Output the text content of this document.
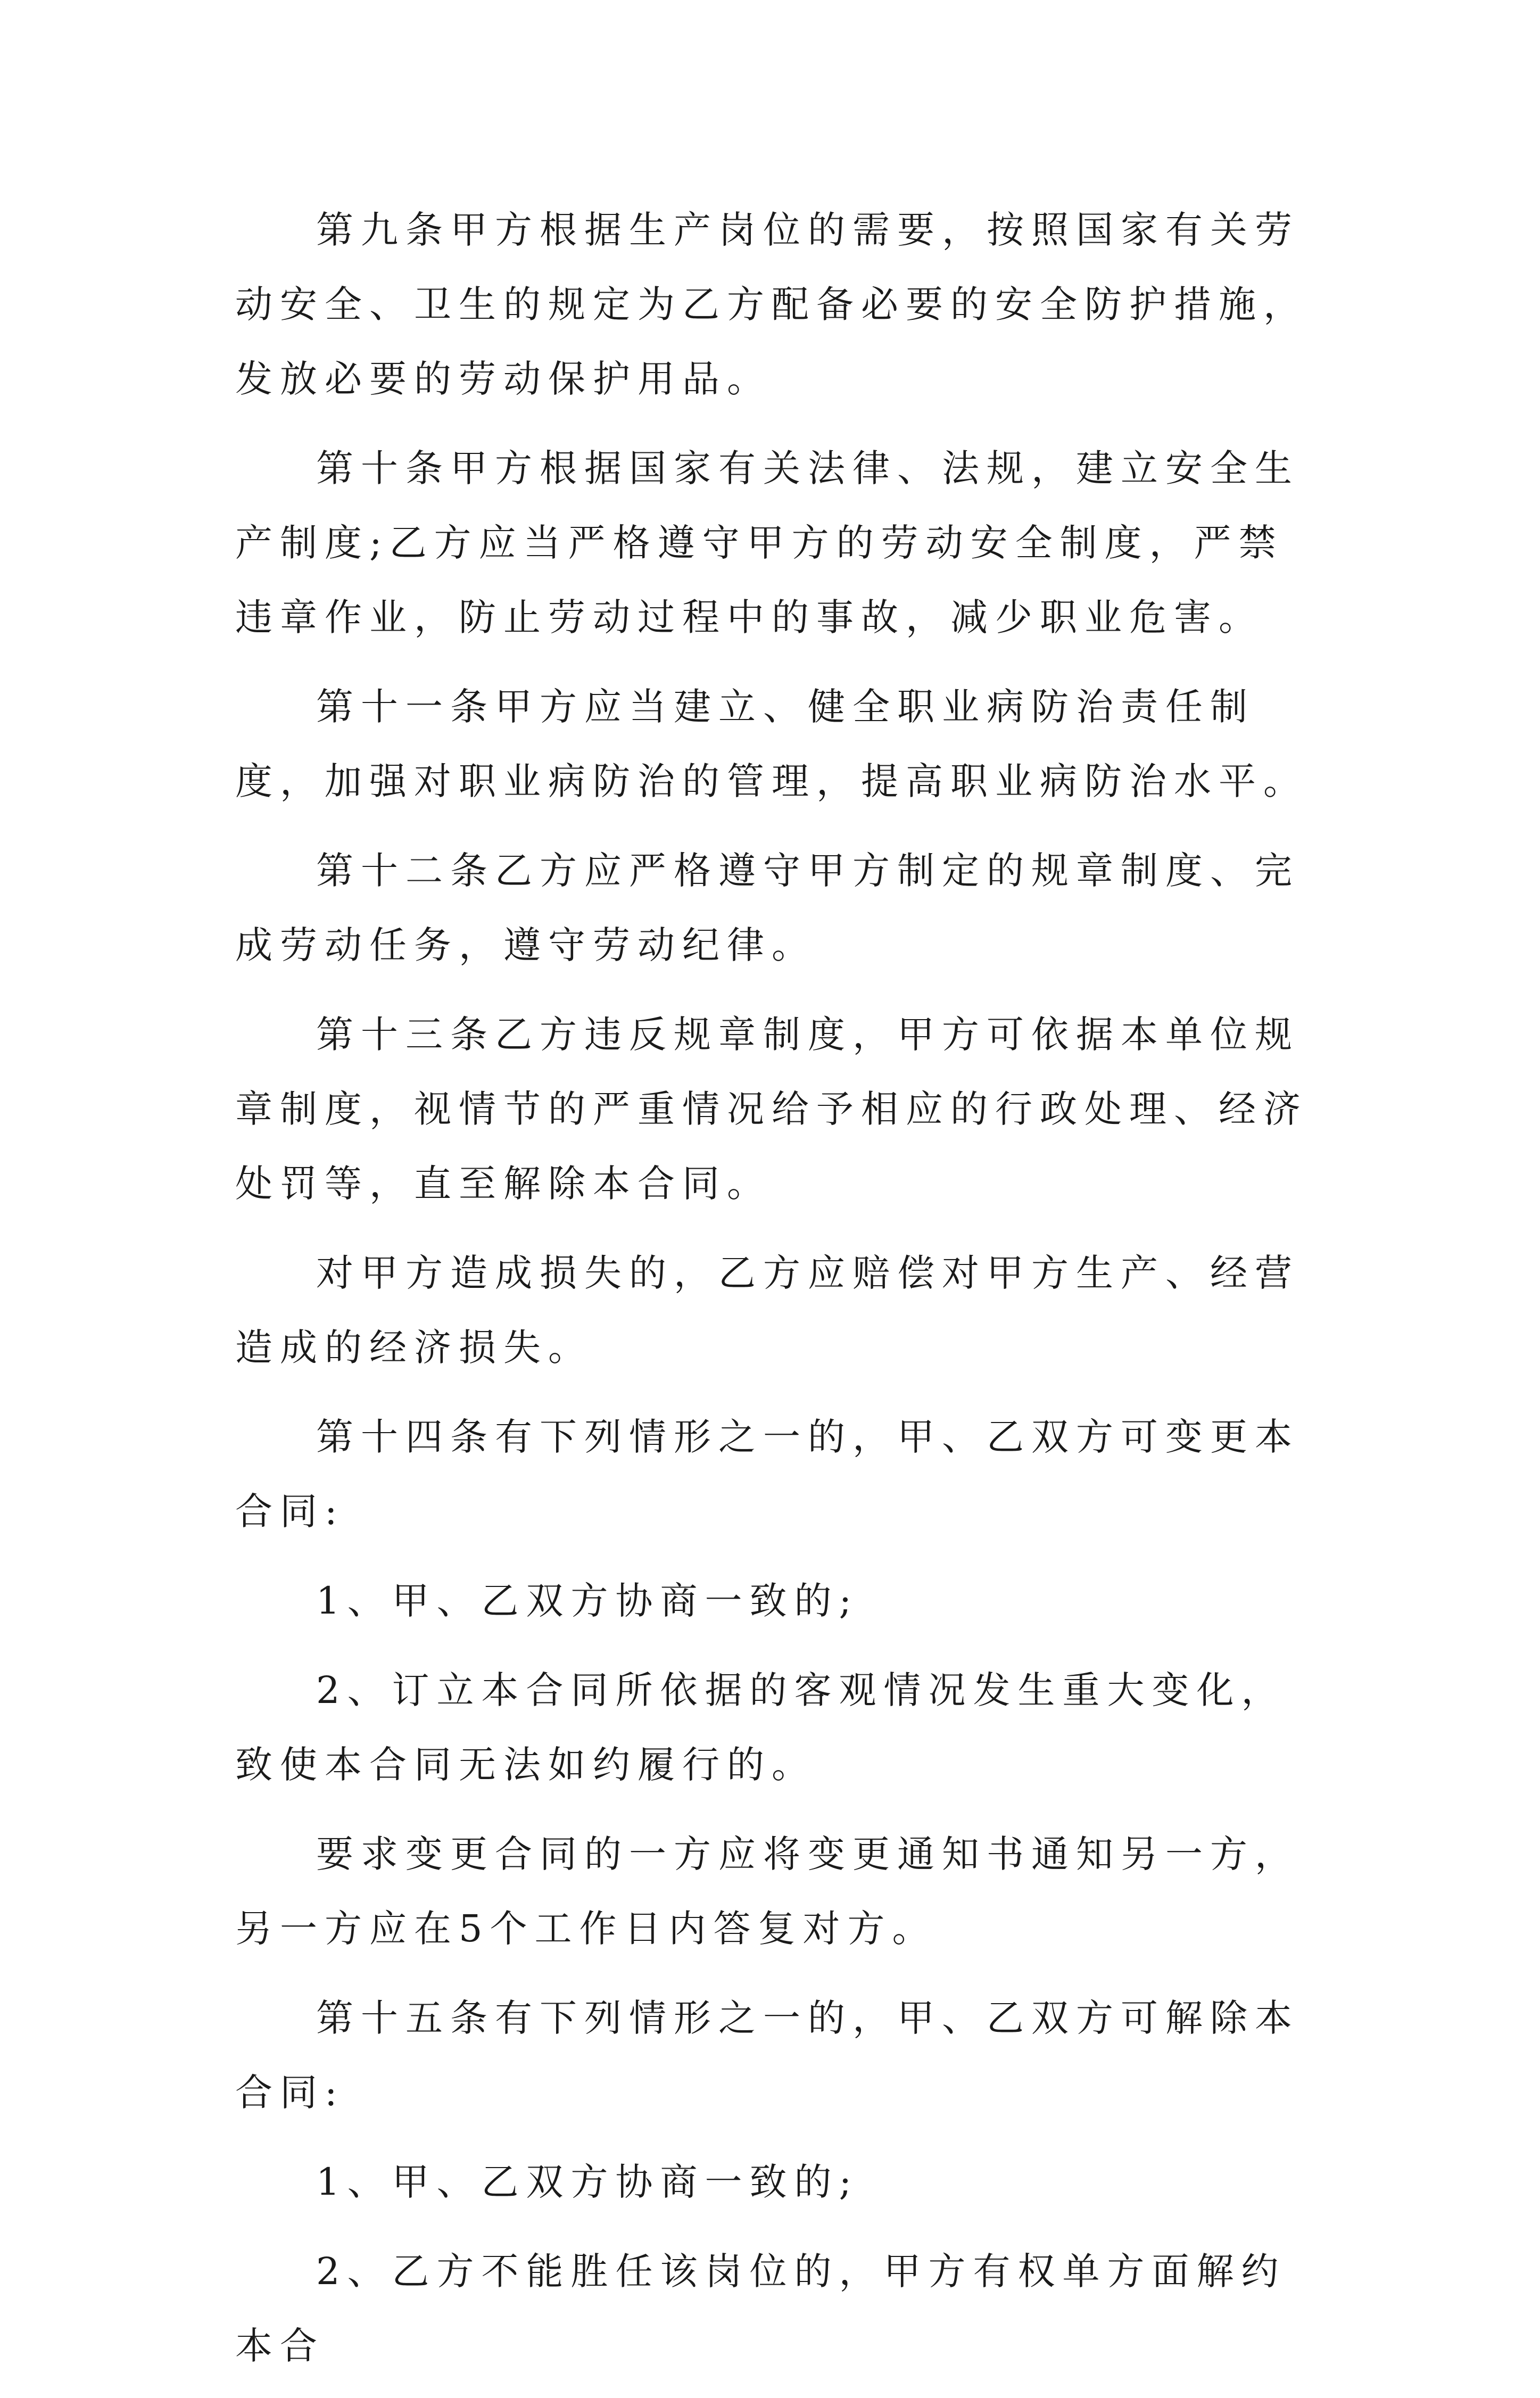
第九条甲方根据生产岗位的需要，按照国家有关劳动安全、卫生的规定为乙方配备必要的安全防护措施，发放必要的劳动保护用品。

第十条甲方根据国家有关法律、法规，建立安全生产制度;乙方应当严格遵守甲方的劳动安全制度，严禁违章作业，防止劳动过程中的事故，减少职业危害。

第十一条甲方应当建立、健全职业病防治责任制度，加强对职业病防治的管理，提高职业病防治水平。

第十二条乙方应严格遵守甲方制定的规章制度、完成劳动任务，遵守劳动纪律。

第十三条乙方违反规章制度，甲方可依据本单位规章制度，视情节的严重情况给予相应的行政处理、经济处罚等，直至解除本合同。

对甲方造成损失的，乙方应赔偿对甲方生产、经营造成的经济损失。

第十四条有下列情形之一的，甲、乙双方可变更本合同:

1、甲、乙双方协商一致的;

2、订立本合同所依据的客观情况发生重大变化，致使本合同无法如约履行的。

要求变更合同的一方应将变更通知书通知另一方，另一方应在5个工作日内答复对方。

第十五条有下列情形之一的，甲、乙双方可解除本合同:

1、甲、乙双方协商一致的;

2、乙方不能胜任该岗位的，甲方有权单方面解约本合
